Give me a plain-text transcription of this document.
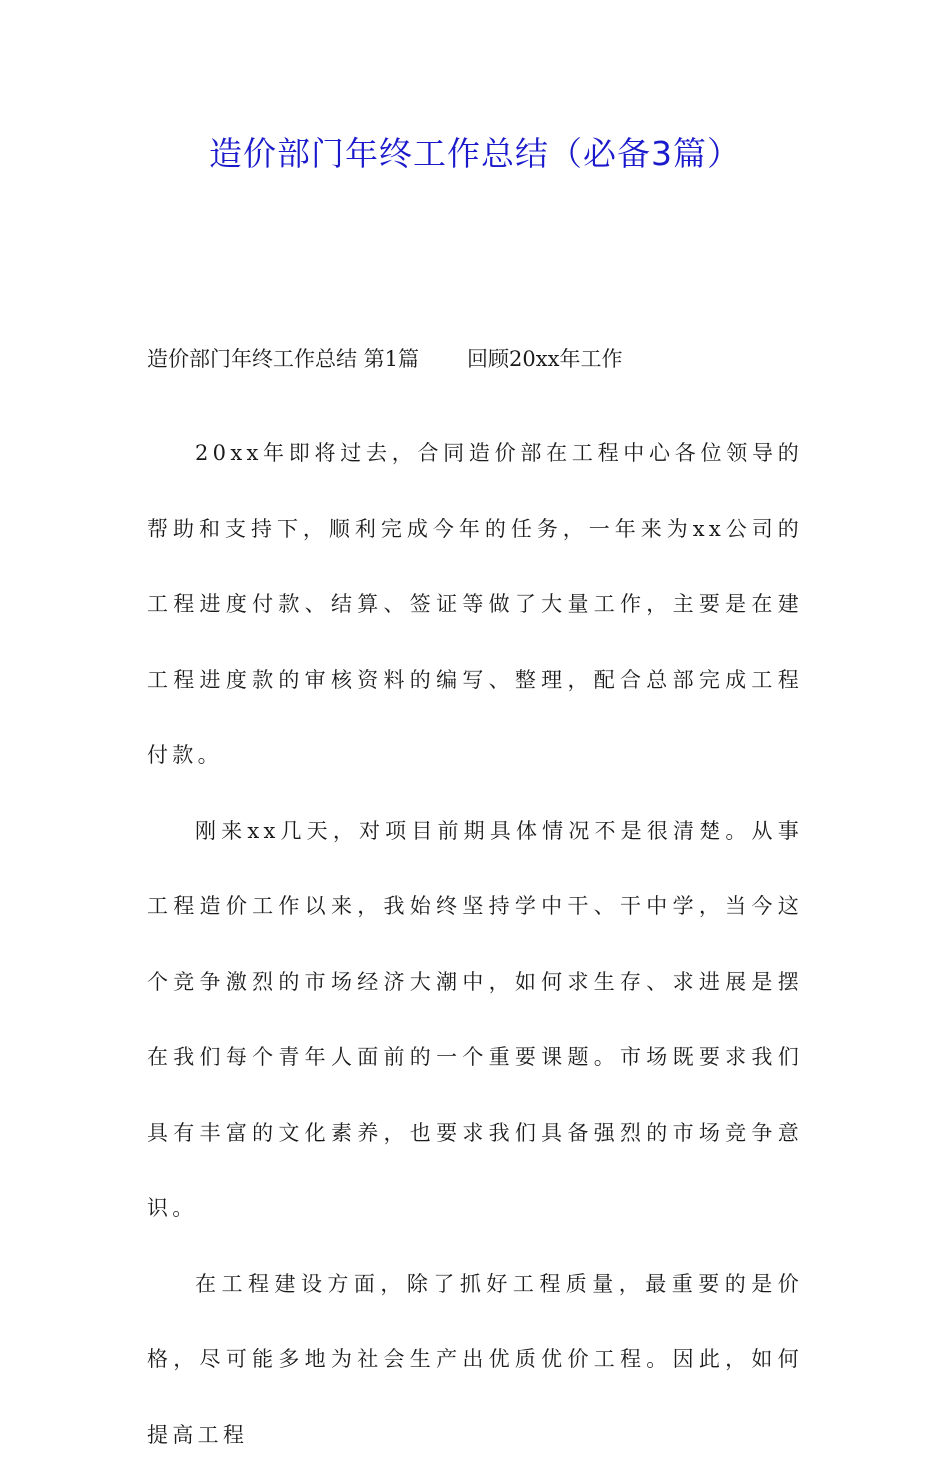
造价部门年终工作总结（必备3篇）

造价部门年终工作总结 第1篇 回顾20xx年工作

20xx年即将过去，合同造价部在工程中心各位领导的帮助和支持下，顺利完成今年的任务，一年来为xx公司的工程进度付款、结算、签证等做了大量工作，主要是在建工程进度款的审核资料的编写、整理，配合总部完成工程付款。

刚来xx几天，对项目前期具体情况不是很清楚。从事工程造价工作以来，我始终坚持学中干、干中学，当今这个竞争激烈的市场经济大潮中，如何求生存、求进展是摆在我们每个青年人面前的一个重要课题。市场既要求我们具有丰富的文化素养，也要求我们具备强烈的市场竞争意识。

在工程建设方面，除了抓好工程质量，最重要的是价格，尽可能多地为社会生产出优质优价工程。因此，如何提高工程
